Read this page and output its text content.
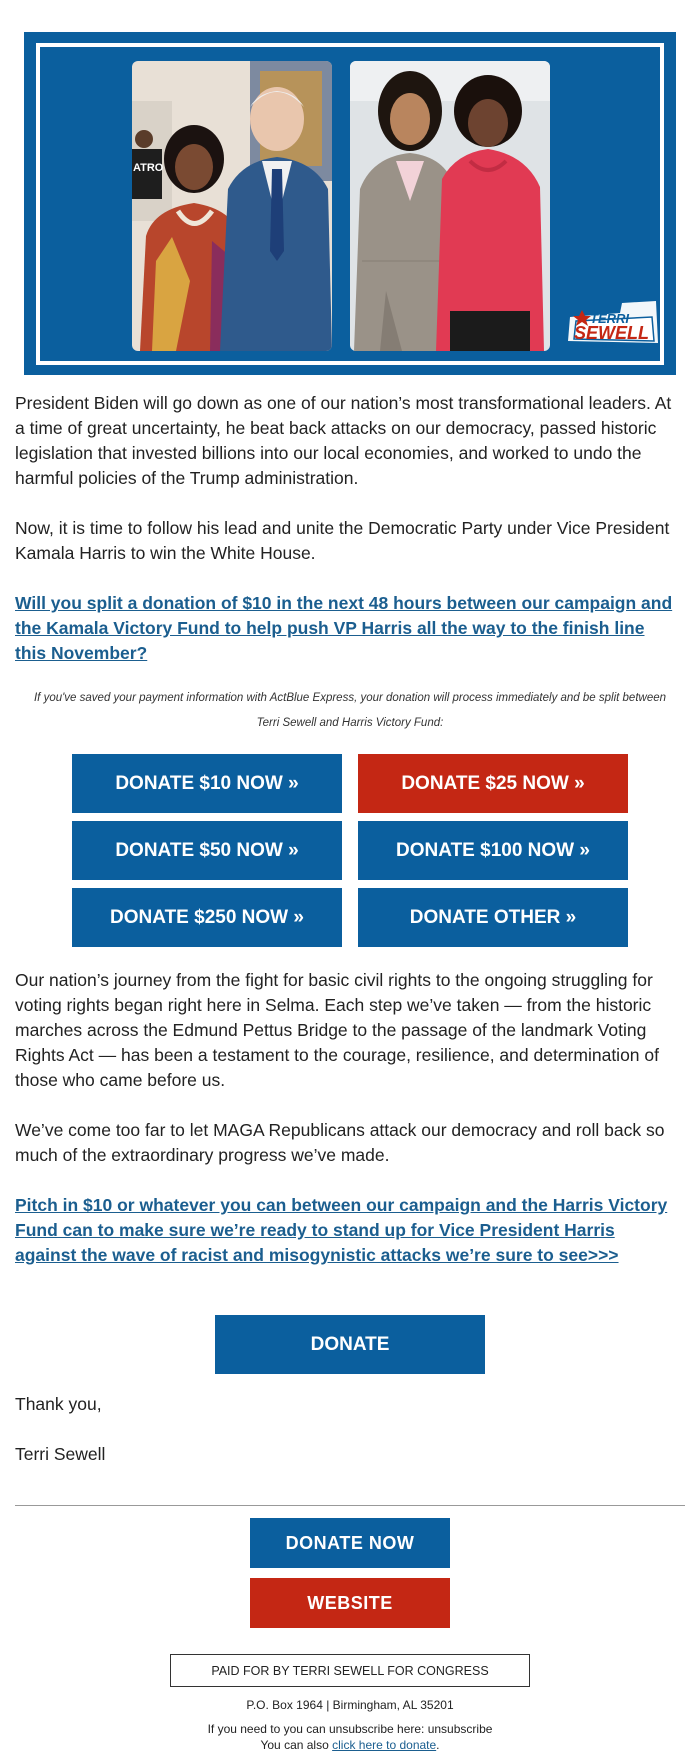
ATRO
TERRI
SEWELL
FOR CONGRESS

President Biden will go down as one of our nation’s most transformational leaders. At a time of great uncertainty, he beat back attacks on our democracy, passed historic legislation that invested billions into our local economies, and worked to undo the harmful policies of the Trump administration.

Now, it is time to follow his lead and unite the Democratic Party under Vice President Kamala Harris to win the White House.

Will you split a donation of $10 in the next 48 hours between our campaign and the Kamala Victory Fund to help push VP Harris all the way to the finish line this November?

If you've saved your payment information with ActBlue Express, your donation will process immediately and be split between

Terri Sewell and Harris Victory Fund:

DONATE $10 NOW »	DONATE $25 NOW »
DONATE $50 NOW »	DONATE $100 NOW »
DONATE $250 NOW »	DONATE OTHER »

Our nation’s journey from the fight for basic civil rights to the ongoing struggling for voting rights began right here in Selma. Each step we’ve taken — from the historic marches across the Edmund Pettus Bridge to the passage of the landmark Voting Rights Act — has been a testament to the courage, resilience, and determination of those who came before us.

We’ve come too far to let MAGA Republicans attack our democracy and roll back so much of the extraordinary progress we’ve made.

Pitch in $10 or whatever you can between our campaign and the Harris Victory Fund can to make sure we’re ready to stand up for Vice President Harris against the wave of racist and misogynistic attacks we’re sure to see>>>
DONATE

Thank you,

Terri Sewell

DONATE NOW
WEBSITE
PAID FOR BY TERRI SEWELL FOR CONGRESS

P.O. Box 1964 | Birmingham, AL 35201

If you need to you can unsubscribe here: unsubscribe

You can also click here to donate.
